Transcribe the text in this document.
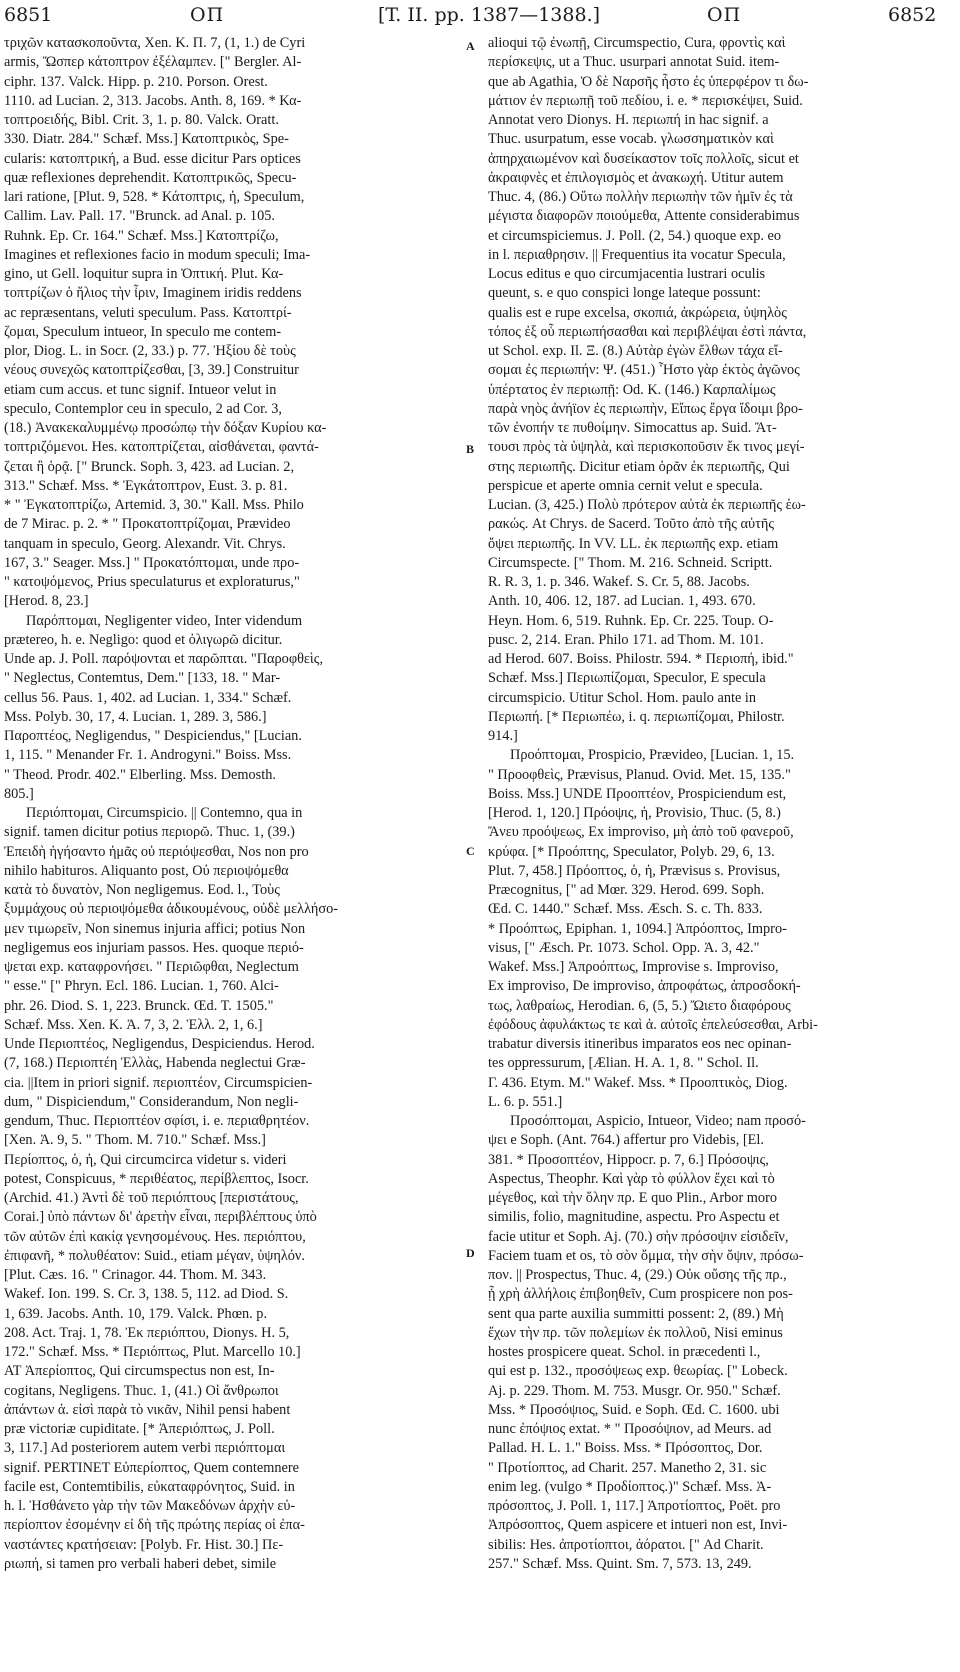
6851	ΟΠ	[T. II. pp. 1387—1388.]	ΟΠ	6852
τριχῶν κατασκοποῦντα, Xen. K. Π. 7, (1, 1.) de Cyri
armis, Ὥσπερ κάτοπτρον ἐξέλαμπεν. [" Bergler. Al-
ciphr. 137. Valck. Hipp. p. 210. Porson. Orest.
1110. ad Lucian. 2, 313. Jacobs. Anth. 8, 169. * Κα-
τοπτροειδής, Bibl. Crit. 3, 1. p. 80. Valck. Oratt.
330. Diatr. 284." Schæf. Mss.] Κατοπτρικὸς, Spe-
cularis: κατοπτρική, a Bud. esse dicitur Pars optices
quæ reflexiones deprehendit. Κατοπτρικῶς, Specu-
lari ratione, [Plut. 9, 528. * Κάτοπτρις, ἡ, Speculum,
Callim. Lav. Pall. 17. "Brunck. ad Anal. p. 105.
Ruhnk. Ep. Cr. 164." Schæf. Mss.] Κατοπτρίζω,
Imagines et reflexiones facio in modum speculi; Ima-
gino, ut Gell. loquitur supra in Ὀπτική. Plut. Κα-
τοπτρίζων ὁ ἥλιος τὴν ἶριν, Imaginem iridis reddens
ac repræsentans, veluti speculum. Pass. Κατοπτρί-
ζομαι, Speculum intueor, In speculo me contem-
plor, Diog. L. in Socr. (2, 33.) p. 77. Ἠξίου δὲ τοὺς
νέους συνεχῶς κατοπτρίζεσθαι, [3, 39.] Construitur
etiam cum accus. et tunc signif. Intueor velut in
speculo, Contemplor ceu in speculo, 2 ad Cor. 3,
(18.) Ἀνακεκαλυμμένῳ προσώπῳ τὴν δόξαν Κυρίου κα-
τοπτριζόμενοι. Hes. κατοπτρίζεται, αἰσθάνεται, φαντά-
ζεται ἢ ὁρᾷ. [" Brunck. Soph. 3, 423. ad Lucian. 2,
313." Schæf. Mss. * Ἐγκάτοπτρον, Eust. 3. p. 81.
* " Ἐγκατοπτρίζω, Artemid. 3, 30." Kall. Mss. Philo
de 7 Mirac. p. 2. * " Προκατοπτρίζομαι, Prævideo
tanquam in speculo, Georg. Alexandr. Vit. Chrys.
167, 3." Seager. Mss.] " Προκατόπτομαι, unde προ-
" κατοψόμενος, Prius speculaturus et exploraturus,"
[Herod. 8, 23.]
Παρόπτομαι, Negligenter video, Inter videndum
prætereo, h. e. Negligo: quod et ὀλιγωρῶ dicitur.
Unde ap. J. Poll. παρόψονται et παρῶπται. "Παροφθεὶς,
" Neglectus, Contemtus, Dem." [133, 18. " Mar-
cellus 56. Paus. 1, 402. ad Lucian. 1, 334." Schæf.
Mss. Polyb. 30, 17, 4. Lucian. 1, 289. 3, 586.]
Παροπτέος, Negligendus, " Despiciendus," [Lucian.
1, 115. " Menander Fr. 1. Androgyni." Boiss. Mss.
" Theod. Prodr. 402." Elberling. Mss. Demosth.
805.]
Περιόπτομαι, Circumspicio. || Contemno, qua in
signif. tamen dicitur potius περιορῶ. Thuc. 1, (39.)
Ἐπειδὴ ἡγήσαντο ἡμᾶς οὐ περιόψεσθαι, Nos non pro
nihilo habituros. Aliquanto post, Οὐ περιοψόμεθα
κατὰ τὸ δυνατὸν, Non negligemus. Eod. l., Τοὺς
ξυμμάχους οὐ περιοψόμεθα ἀδικουμένους, οὐδὲ μελλήσο-
μεν τιμωρεῖν, Non sinemus injuria affici; potius Non
negligemus eos injuriam passos. Hes. quoque περιό-
ψεται exp. καταφρονήσει. " Περιῶφθαι, Neglectum
" esse." [" Phryn. Ecl. 186. Lucian. 1, 760. Alci-
phr. 26. Diod. S. 1, 223. Brunck. Œd. T. 1505."
Schæf. Mss. Xen. K. Ἀ. 7, 3, 2. Ἑλλ. 2, 1, 6.]
Unde Περιοπτέος, Negligendus, Despiciendus. Herod.
(7, 168.) Περιοπτέη Ἑλλὰς, Habenda neglectui Græ-
cia. ||Item in priori signif. περιοπτέον, Circumspicien-
dum, " Dispiciendum," Considerandum, Non negli-
gendum, Thuc. Περιοπτέον σφίσι, i. e. περιαθρητέον.
[Xen. Ἀ. 9, 5. " Thom. M. 710." Schæf. Mss.]
Περίοπτος, ὁ, ἡ, Qui circumcirca videtur s. videri
potest, Conspicuus, * περιθέατος, περίβλεπτος, Isocr.
(Archid. 41.) Ἀντὶ δὲ τοῦ περιόπτους [περιστάτους,
Corai.] ὑπὸ πάντων δι' ἀρετὴν εἶναι, περιβλέπτους ὑπὸ
τῶν αὐτῶν ἐπὶ κακίᾳ γενησομένους. Hes. περιόπτου,
ἐπιφανῆ, * πολυθέατον: Suid., etiam μέγαν, ὑψηλόν.
[Plut. Cæs. 16. " Crinagor. 44. Thom. M. 343.
Wakef. Ion. 199. S. Cr. 3, 138. 5, 112. ad Diod. S.
1, 639. Jacobs. Anth. 10, 179. Valck. Phœn. p.
208. Act. Traj. 1, 78. Ἐκ περιόπτου, Dionys. H. 5,
172." Schæf. Mss. * Περιόπτως, Plut. Marcello 10.]
AT Ἀπερίοπτος, Qui circumspectus non est, In-
cogitans, Negligens. Thuc. 1, (41.) Οἱ ἄνθρωποι
ἀπάντων ἀ. εἰσὶ παρὰ τὸ νικᾶν, Nihil pensi habent
præ victoriæ cupiditate. [* Ἀπεριόπτως, J. Poll.
3, 117.] Ad posteriorem autem verbi περιόπτομαι
signif. PERTINET Εὐπερίοπτος, Quem contemnere
facile est, Contemtibilis, εὐκαταφρόνητος, Suid. in
h. l. Ἠσθάνετο γὰρ τὴν τῶν Μακεδόνων ἀρχὴν εὐ-
περίοπτον ἐσομένην εἰ δὴ τῆς πρώτης περίας οἱ ἐπα-
ναστάντες κρατήσειαν: [Polyb. Fr. Hist. 30.] Πε-
ριωπή, si tamen pro verbali haberi debet, simile
alioqui τῷ ἐνωπῇ, Circumspectio, Cura, φροντὶς καὶ
περίσκεψις, ut a Thuc. usurpari annotat Suid. item-
que ab Agathia, Ὁ δὲ Ναρσῆς ἧστο ἐς ὑπερφέρον τι δω-
μάτιον ἐν περιωπῇ τοῦ πεδίου, i. e. * περισκέψει, Suid.
Annotat vero Dionys. H. περιωπή in hac signif. a
Thuc. usurpatum, esse vocab. γλωσσηματικὸν καὶ
ἀπηρχαιωμένον καὶ δυσείκαστον τοῖς πολλοῖς, sicut et
ἀκραιφνὲς et ἐπιλογισμὸς et ἀνακωχή. Utitur autem
Thuc. 4, (86.) Οὕτω πολλὴν περιωπὴν τῶν ἡμῖν ἐς τὰ
μέγιστα διαφορῶν ποιούμεθα, Attente considerabimus
et circumspiciemus. J. Poll. (2, 54.) quoque exp. eo
in l. περιαθρησιν. || Frequentius ita vocatur Specula,
Locus editus e quo circumjacentia lustrari oculis
queunt, s. e quo conspici longe lateque possunt:
qualis est e rupe excelsa, σκοπιά, ἀκρώρεια, ὑψηλὸς
τόπος ἐξ οὗ περιωπήσασθαι καὶ περιβλέψαι ἐστὶ πάντα,
ut Schol. exp. Il. Ξ. (8.) Αὐτὰρ ἐγὼν ἔλθων τάχα εἴ-
σομαι ἐς περιωπήν: Ψ. (451.) Ἧστο γὰρ ἐκτὸς ἀγῶνος
ὑπέρτατος ἐν περιωπῇ: Od. K. (146.) Καρπαλίμως
παρὰ νηὸς ἀνήϊον ἐς περιωπὴν, Εἴπως ἔργα ἴδοιμι βρο-
τῶν ἐνοπήν τε πυθοίμην. Simocattus ap. Suid. Ἄτ-
τουσι πρὸς τὰ ὑψηλὰ, καὶ περισκοποῦσιν ἔκ τινος μεγί-
στης περιωπῆς. Dicitur etiam ὁρᾶν ἐκ περιωπῆς, Qui
perspicue et aperte omnia cernit velut e specula.
Lucian. (3, 425.) Πολὺ πρότερον αὐτὰ ἐκ περιωπῆς ἑω-
ρακώς. At Chrys. de Sacerd. Τοῦτο ἀπὸ τῆς αὐτῆς
ὄψει περιωπῆς. In VV. LL. ἐκ περιωπῆς exp. etiam
Circumspecte. [" Thom. M. 216. Schneid. Scriptt.
R. R. 3, 1. p. 346. Wakef. S. Cr. 5, 88. Jacobs.
Anth. 10, 406. 12, 187. ad Lucian. 1, 493. 670.
Heyn. Hom. 6, 519. Ruhnk. Ep. Cr. 225. Toup. O-
pusc. 2, 214. Eran. Philo 171. ad Thom. M. 101.
ad Herod. 607. Boiss. Philostr. 594. * Περιοπή, ibid."
Schæf. Mss.] Περιωπίζομαι, Speculor, E specula
circumspicio. Utitur Schol. Hom. paulo ante in
Περιωπή. [* Περιωπέω, i. q. περιωπίζομαι, Philostr.
914.]
Προόπτομαι, Prospicio, Prævideo, [Lucian. 1, 15.
" Προοφθεὶς, Prævisus, Planud. Ovid. Met. 15, 135."
Boiss. Mss.] UNDE Προοπτέον, Prospiciendum est,
[Herod. 1, 120.] Πρόοψις, ἡ, Provisio, Thuc. (5, 8.)
Ἄνευ προόψεως, Ex improviso, μὴ ἀπὸ τοῦ φανεροῦ,
κρύφα. [* Προόπτης, Speculator, Polyb. 29, 6, 13.
Plut. 7, 458.] Πρόοπτος, ὁ, ἡ, Prævisus s. Provisus,
Præcognitus, [" ad Mœr. 329. Herod. 699. Soph.
Œd. C. 1440." Schæf. Mss. Æsch. S. c. Th. 833.
* Προόπτως, Epiphan. 1, 1094.] Ἀπρόοπτος, Impro-
visus, [" Æsch. Pr. 1073. Schol. Opp. Ἀ. 3, 42."
Wakef. Mss.] Ἀπροόπτως, Improvise s. Improviso,
Ex improviso, De improviso, ἀπροφάτως, ἀπροσδοκή-
τως, λαθραίως, Herodian. 6, (5, 5.) Ὤιετο διαφόρους
ἐφόδους ἀφυλάκτως τε καὶ ἀ. αὐτοῖς ἐπελεύσεσθαι, Arbi-
trabatur diversis itineribus imparatos eos nec opinan-
tes oppressurum, [Ælian. H. A. 1, 8. " Schol. Il.
Γ. 436. Etym. M." Wakef. Mss. * Προοπτικὸς, Diog.
L. 6. p. 551.]
Προσόπτομαι, Aspicio, Intueor, Video; nam προσό-
ψει e Soph. (Ant. 764.) affertur pro Videbis, [El.
381. * Προσοπτέον, Hippocr. p. 7, 6.] Πρόσοψις,
Aspectus, Theophr. Καὶ γὰρ τὸ φύλλον ἔχει καὶ τὸ
μέγεθος, καὶ τὴν ὅλην πρ. E quo Plin., Arbor moro
similis, folio, magnitudine, aspectu. Pro Aspectu et
facie utitur et Soph. Aj. (70.) σὴν πρόσοψιν εἰσιδεῖν,
Faciem tuam et os, τὸ σὸν ὄμμα, τὴν σὴν ὄψιν, πρόσω-
πον. || Prospectus, Thuc. 4, (29.) Οὐκ οὔσης τῆς πρ.,
ᾗ χρὴ ἀλλήλοις ἐπιβοηθεῖν, Cum prospicere non pos-
sent qua parte auxilia summitti possent: 2, (89.) Μὴ
ἔχων τὴν πρ. τῶν πολεμίων ἐκ πολλοῦ, Nisi eminus
hostes prospicere queat. Schol. in præcedenti l.,
qui est p. 132., προσόψεως exp. θεωρίας. [" Lobeck.
Aj. p. 229. Thom. M. 753. Musgr. Or. 950." Schæf.
Mss. * Προσόψιος, Suid. e Soph. Œd. C. 1600. ubi
nunc ἐπόψιος extat. * " Προσόψιον, ad Meurs. ad
Pallad. H. L. 1." Boiss. Mss. * Πρόσοπτος, Dor.
" Προτίοπτος, ad Charit. 257. Manetho 2, 31. sic
enim leg. (vulgo * Προδίοπτος.)" Schæf. Mss. Ἀ-
πρόσοπτος, J. Poll. 1, 117.] Ἀπροτίοπτος, Poët. pro
Ἀπρόσοπτος, Quem aspicere et intueri non est, Invi-
sibilis: Hes. ἀπροτίοπτοι, ἀόρατοι. [" Ad Charit.
257." Schæf. Mss. Quint. Sm. 7, 573. 13, 249.
A
B
C
D
